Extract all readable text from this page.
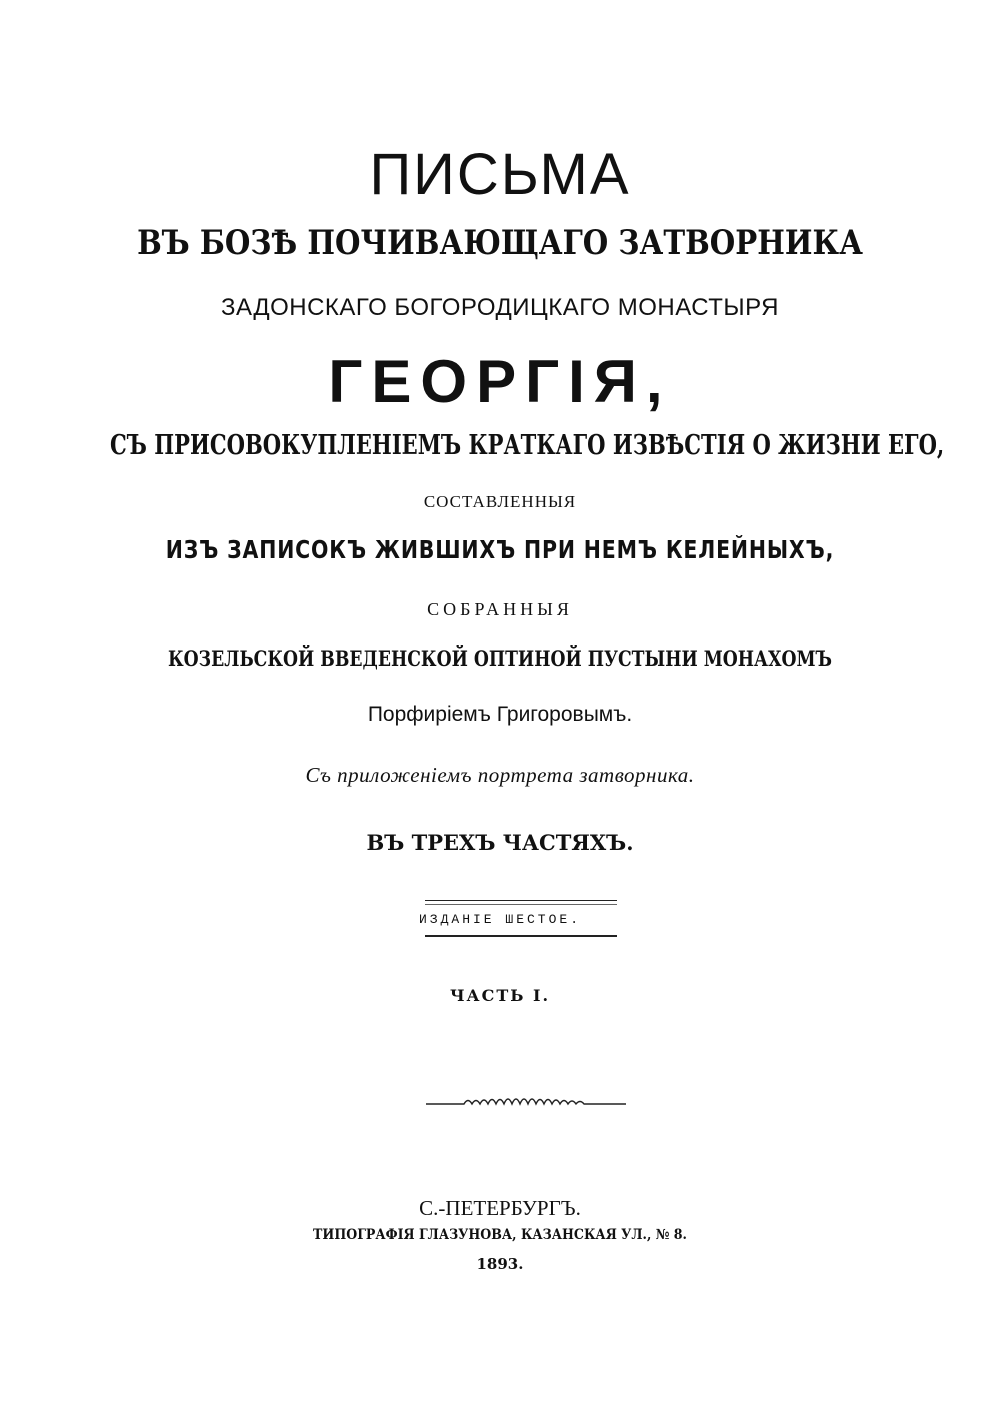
ПИСЬМА
ВЪ БОЗѢ ПОЧИВАЮЩАГО ЗАТВОРНИКА
ЗАДОНСКАГО БОГОРОДИЦКАГО МОНАСТЫРЯ
ГЕОРГІЯ,
СЪ ПРИСОВОКУПЛЕНІЕМЪ КРАТКАГО ИЗВѢСТІЯ О ЖИЗНИ ЕГО,
СОСТАВЛЕННЫЯ
ИЗЪ ЗАПИСОКЪ ЖИВШИХЪ ПРИ НЕМЪ КЕЛЕЙНЫХЪ,
СОБРАННЫЯ
КОЗЕЛЬСКОЙ ВВЕДЕНСКОЙ ОПТИНОЙ ПУСТЫНИ МОНАХОМЪ
Порфиріемъ Григоровымъ.
Съ приложеніемъ портрета затворника.
ВЪ ТРЕХЪ ЧАСТЯХЪ.
ИЗДАНІЕ ШЕСТОЕ.
ЧАСТЬ I.
С.-ПЕТЕРБУРГЪ.
ТИПОГРАФІЯ ГЛАЗУНОВА, КАЗАНСКАЯ УЛ., № 8.
1893.
